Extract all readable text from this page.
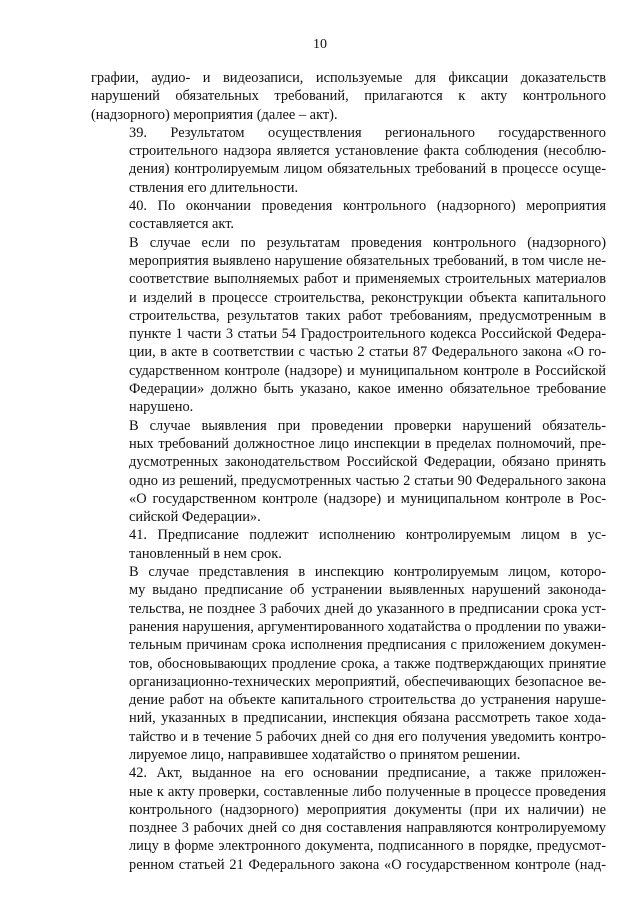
10

графии, аудио- и видеозаписи, используемые для фиксации доказательств
нарушений обязательных требований, прилагаются к акту контрольного
(надзорного) мероприятия (далее – акт).

39. Результатом осуществления регионального государственного
строительного надзора является установление факта соблюдения (несоблю-
дения) контролируемым лицом обязательных требований в процессе осуще-
ствления его длительности.

40. По окончании проведения контрольного (надзорного) мероприятия
составляется акт.

В случае если по результатам проведения контрольного (надзорного)
мероприятия выявлено нарушение обязательных требований, в том числе не-
соответствие выполняемых работ и применяемых строительных материалов
и изделий в процессе строительства, реконструкции объекта капитального
строительства, результатов таких работ требованиям, предусмотренным в
пункте 1 части 3 статьи 54 Градостроительного кодекса Российской Федера-
ции, в акте в соответствии с частью 2 статьи 87 Федерального закона «О го-
сударственном контроле (надзоре) и муниципальном контроле в Российской
Федерации» должно быть указано, какое именно обязательное требование
нарушено.

В случае выявления при проведении проверки нарушений обязатель-
ных требований должностное лицо инспекции в пределах полномочий, пре-
дусмотренных законодательством Российской Федерации, обязано принять
одно из решений, предусмотренных частью 2 статьи 90 Федерального закона
«О государственном контроле (надзоре) и муниципальном контроле в Рос-
сийской Федерации».

41. Предписание подлежит исполнению контролируемым лицом в ус-
тановленный в нем срок.

В случае представления в инспекцию контролируемым лицом, которо-
му выдано предписание об устранении выявленных нарушений законода-
тельства, не позднее 3 рабочих дней до указанного в предписании срока уст-
ранения нарушения, аргументированного ходатайства о продлении по уважи-
тельным причинам срока исполнения предписания с приложением докумен-
тов, обосновывающих продление срока, а также подтверждающих принятие
организационно-технических мероприятий, обеспечивающих безопасное ве-
дение работ на объекте капитального строительства до устранения наруше-
ний, указанных в предписании, инспекция обязана рассмотреть такое хода-
тайство и в течение 5 рабочих дней со дня его получения уведомить контро-
лируемое лицо, направившее ходатайство о принятом решении.

42. Акт, выданное на его основании предписание, а также приложен-
ные к акту проверки, составленные либо полученные в процессе проведения
контрольного (надзорного) мероприятия документы (при их наличии) не
позднее 3 рабочих дней со дня составления направляются контролируемому
лицу в форме электронного документа, подписанного в порядке, предусмот-
ренном статьей 21 Федерального закона «О государственном контроле (над-
